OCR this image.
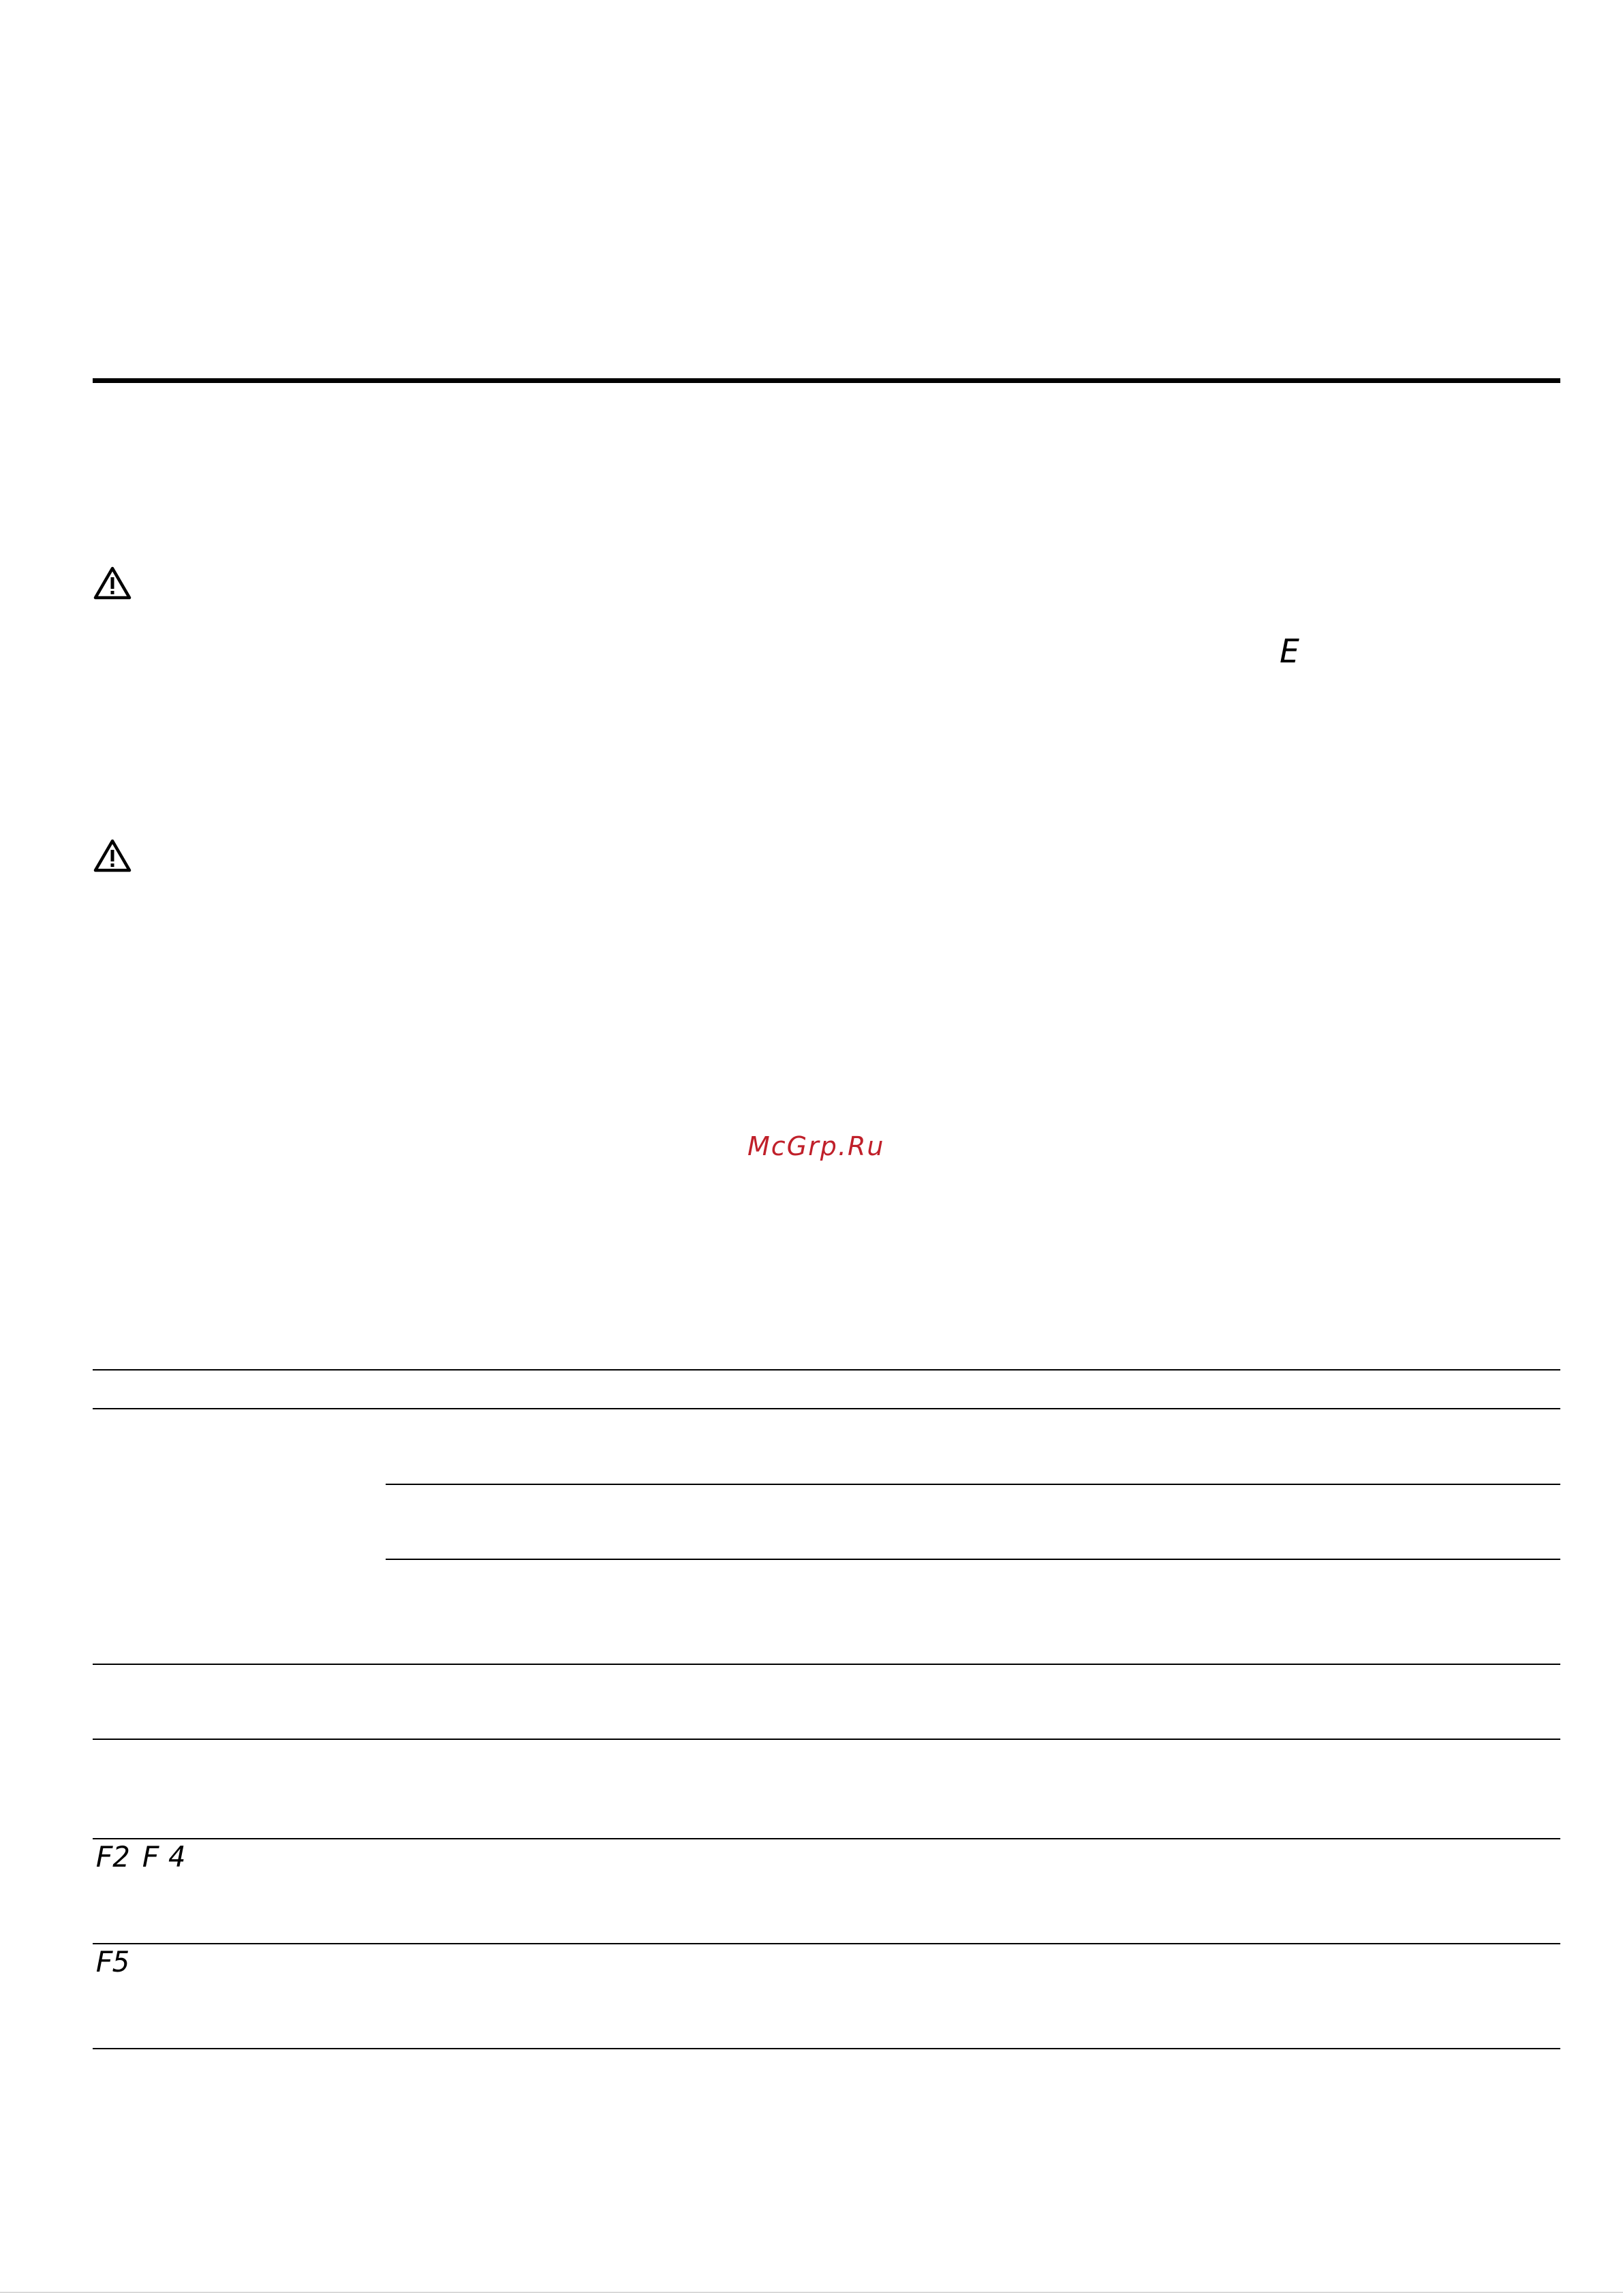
E
McGrp.Ru
F2 F4
F5
